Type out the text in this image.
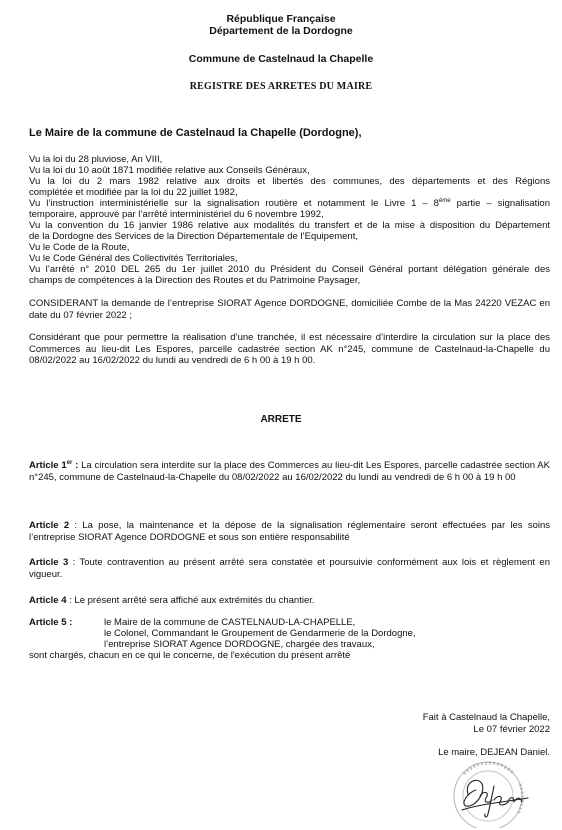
République Française
Département de la Dordogne
Commune de Castelnaud la Chapelle
REGISTRE DES ARRETES DU MAIRE
Le Maire de la commune de Castelnaud la Chapelle (Dordogne),
Vu la loi du 28 pluviose, An VIII,
Vu la loi du 10 août 1871 modifiée relative aux Conseils Généraux,
Vu la loi du 2 mars 1982 relative aux droits et libertés des communes, des départements et des Régions
complétée et modifiée par la loi du 22 juillet 1982,
Vu l’instruction interministérielle sur la signalisation routière et notamment le Livre 1 – 8ème partie – signalisation
temporaire, approuvé par l’arrêté interministériel du 6 novembre 1992,
Vu la convention du 16 janvier 1986 relative aux modalités du transfert et de la mise à disposition du Département
de la Dordogne des Services de la Direction Départementale de l’Equipement,
Vu le Code de la Route,
Vu le Code Général des Collectivités Territoriales,
Vu l’arrêté n° 2010 DEL 265 du 1er juillet 2010 du Président du Conseil Général portant délégation générale des
champs de compétences à la Direction des Routes et du Patrimoine Paysager,
CONSIDERANT la demande de l’entreprise SIORAT Agence DORDOGNE, domiciliée Combe de la Mas 24220 VEZAC en date du 07 février 2022 ;
Considérant que pour permettre la réalisation d’une tranchée, il est nécessaire d’interdire la circulation sur la place des Commerces au lieu-dit Les Espores, parcelle cadastrée section AK n°245, commune de Castelnaud-la-Chapelle du 08/02/2022 au 16/02/2022 du lundi au vendredi de 6 h 00 à 19 h 00.
ARRETE
Article 1er : La circulation sera interdite sur la place des Commerces au lieu-dit Les Espores, parcelle cadastrée section AK n°245, commune de Castelnaud-la-Chapelle du 08/02/2022 au 16/02/2022 du lundi au vendredi de 6 h 00 à 19 h 00
Article 2 : La pose, la maintenance et la dépose de la signalisation réglementaire seront effectuées par les soins l’entreprise SIORAT Agence DORDOGNE et sous son entière responsabilité
Article 3 : Toute contravention au présent arrêté sera constatée et poursuivie conformément aux lois et règlement en vigueur.
Article 4 : Le présent arrêté sera affiché aux extrémités du chantier.
Article 5 :	le Maire de la commune de CASTELNAUD-LA-CHAPELLE,
le Colonel, Commandant le Groupement de Gendarmerie de la Dordogne,
l’entreprise SIORAT Agence DORDOGNE, chargée des travaux,
sont chargés, chacun en ce qui le concerne, de l'exécution du présent arrêté
Fait à Castelnaud la Chapelle,
Le 07 février 2022
Le maire, DEJEAN Daniel.
